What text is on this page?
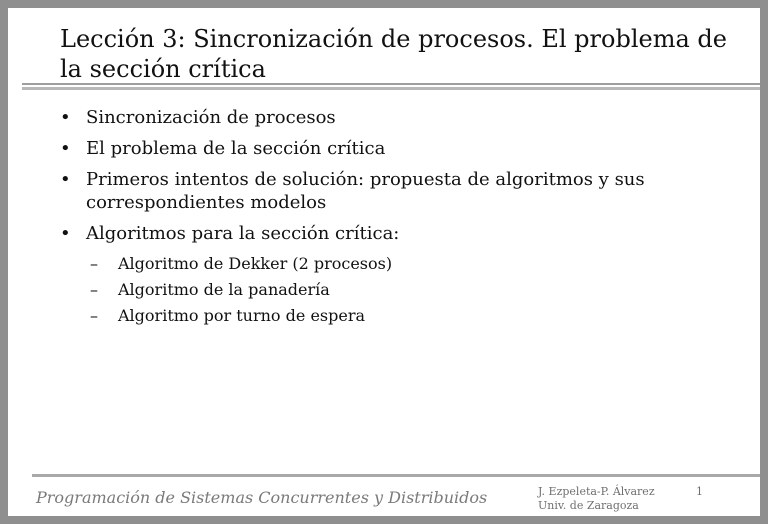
Lección 3: Sincronización de procesos. El problema de la sección crítica
• Sincronización de procesos
• El problema de la sección crítica
• Primeros intentos de solución: propuesta de algoritmos y sus correspondientes modelos
• Algoritmos para la sección crítica:
– Algoritmo de Dekker (2 procesos)
– Algoritmo de la panadería
– Algoritmo por turno de espera
Programación de Sistemas Concurrentes y Distribuidos	J. Ezpeleta-P. Álvarez
Univ. de Zaragoza
1
